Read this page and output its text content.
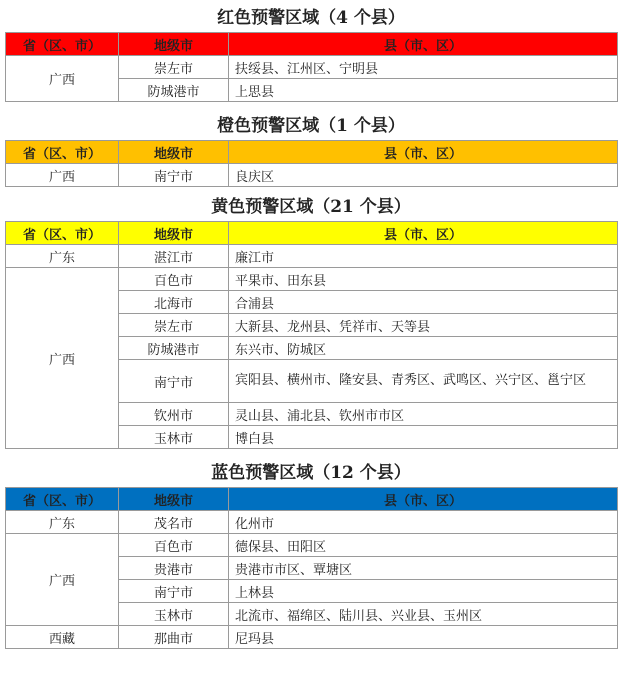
红色预警区域（4 个县）
省（区、市）	地级市	县（市、区）
广西	崇左市	扶绥县、江州区、宁明县
	防城港市	上思县
橙色预警区域（1 个县）
省（区、市）	地级市	县（市、区）
广西	南宁市	良庆区
黄色预警区域（21 个县）
省（区、市）	地级市	县（市、区）
广东	湛江市	廉江市
广西	百色市	平果市、田东县
	北海市	合浦县
	崇左市	大新县、龙州县、凭祥市、天等县
	防城港市	东兴市、防城区
	南宁市	宾阳县、横州市、隆安县、青秀区、武鸣区、兴宁区、邕宁区
	钦州市	灵山县、浦北县、钦州市市区
	玉林市	博白县
蓝色预警区域（12 个县）
省（区、市）	地级市	县（市、区）
广东	茂名市	化州市
广西	百色市	德保县、田阳区
	贵港市	贵港市市区、覃塘区
	南宁市	上林县
	玉林市	北流市、福绵区、陆川县、兴业县、玉州区
西藏	那曲市	尼玛县
